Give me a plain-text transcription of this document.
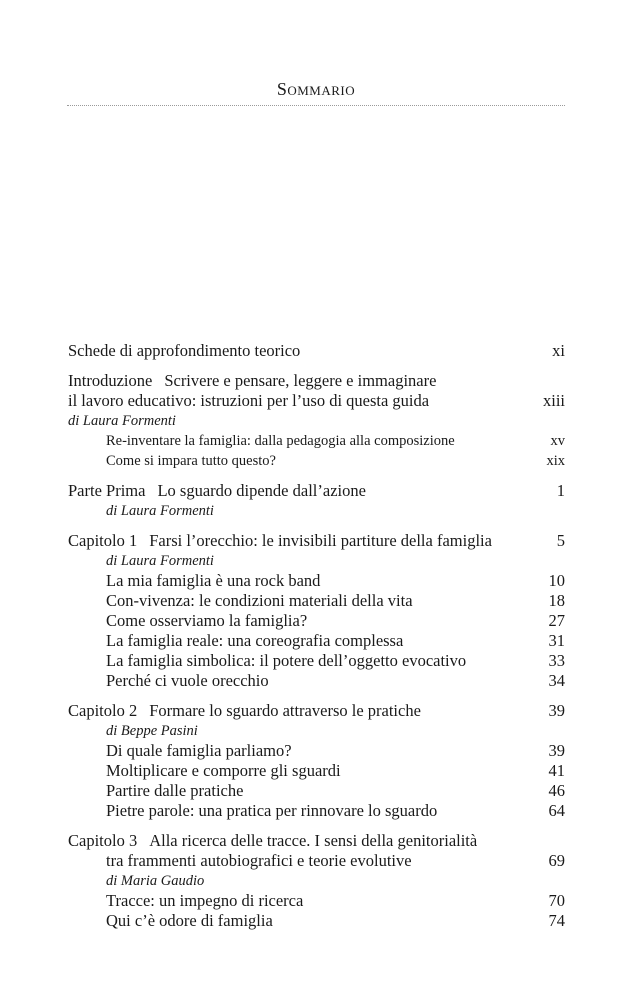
Sommario
Schede di approfondimento teorico	xi
Introduzione Scrivere e pensare, leggere e immaginare
il lavoro educativo: istruzioni per l’uso di questa guida	xiii
di Laura Formenti
Re-inventare la famiglia: dalla pedagogia alla composizione	xv
Come si impara tutto questo?	xix
Parte Prima Lo sguardo dipende dall’azione	1
di Laura Formenti
Capitolo 1 Farsi l’orecchio: le invisibili partiture della famiglia	5
di Laura Formenti
La mia famiglia è una rock band	10
Con-vivenza: le condizioni materiali della vita	18
Come osserviamo la famiglia?	27
La famiglia reale: una coreografia complessa	31
La famiglia simbolica: il potere dell’oggetto evocativo	33
Perché ci vuole orecchio	34
Capitolo 2 Formare lo sguardo attraverso le pratiche	39
di Beppe Pasini
Di quale famiglia parliamo?	39
Moltiplicare e comporre gli sguardi	41
Partire dalle pratiche	46
Pietre parole: una pratica per rinnovare lo sguardo	64
Capitolo 3 Alla ricerca delle tracce. I sensi della genitorialità
tra frammenti autobiografici e teorie evolutive	69
di Maria Gaudio
Tracce: un impegno di ricerca	70
Qui c’è odore di famiglia	74
